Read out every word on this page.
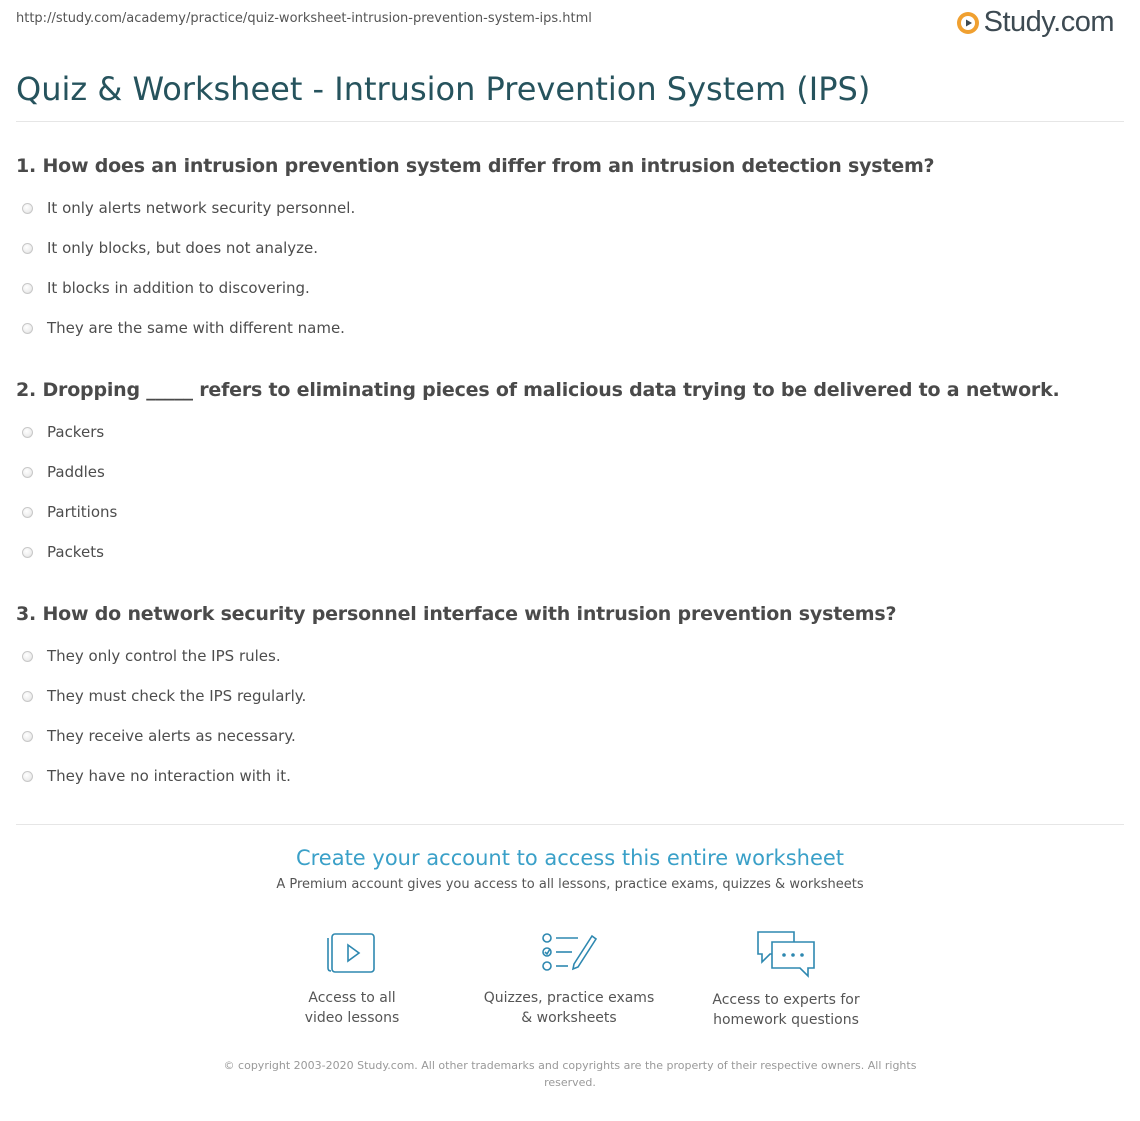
http://study.com/academy/practice/quiz-worksheet-intrusion-prevention-system-ips.html	Study.com
Quiz & Worksheet - Intrusion Prevention System (IPS)
1. How does an intrusion prevention system differ from an intrusion detection system?
It only alerts network security personnel.
It only blocks, but does not analyze.
It blocks in addition to discovering.
They are the same with different name.
2. Dropping _____ refers to eliminating pieces of malicious data trying to be delivered to a network.
Packers
Paddles
Partitions
Packets
3. How do network security personnel interface with intrusion prevention systems?
They only control the IPS rules.
They must check the IPS regularly.
They receive alerts as necessary.
They have no interaction with it.
Create your account to access this entire worksheet
A Premium account gives you access to all lessons, practice exams, quizzes & worksheets
Access to all
video lessons
Quizzes, practice exams
& worksheets
Access to experts for
homework questions
© copyright 2003-2020 Study.com. All other trademarks and copyrights are the property of their respective owners. All rights reserved.
